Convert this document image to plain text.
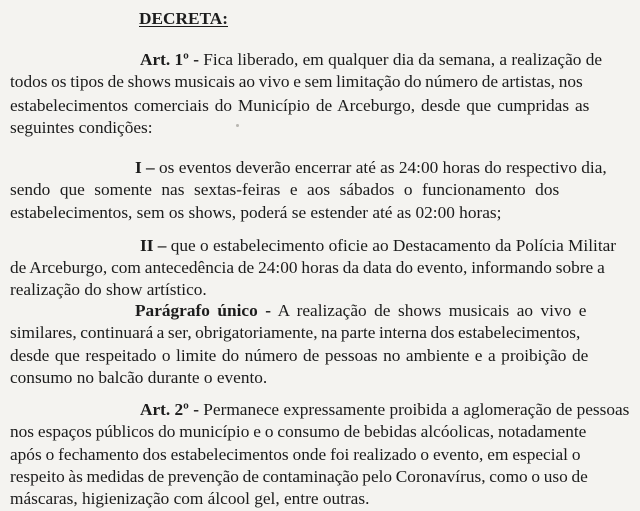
DECRETA:
Art. 1º - Fica liberado, em qualquer dia da semana, a realização de
todos os tipos de shows musicais ao vivo e sem limitação do número de artistas, nos
estabelecimentos comerciais do Município de Arceburgo, desde que cumpridas as
seguintes condições:
I – os eventos deverão encerrar até as 24:00 horas do respectivo dia,
sendo que somente nas sextas-feiras e aos sábados o funcionamento dos
estabelecimentos, sem os shows, poderá se estender até as 02:00 horas;
II – que o estabelecimento oficie ao Destacamento da Polícia Militar
de Arceburgo, com antecedência de 24:00 horas da data do evento, informando sobre a
realização do show artístico.
Parágrafo único - A realização de shows musicais ao vivo e
similares, continuará a ser, obrigatoriamente, na parte interna dos estabelecimentos,
desde que respeitado o limite do número de pessoas no ambiente e a proibição de
consumo no balcão durante o evento.
Art. 2º - Permanece expressamente proibida a aglomeração de pessoas
nos espaços públicos do município e o consumo de bebidas alcóolicas, notadamente
após o fechamento dos estabelecimentos onde foi realizado o evento, em especial o
respeito às medidas de prevenção de contaminação pelo Coronavírus, como o uso de
máscaras, higienização com álcool gel, entre outras.
